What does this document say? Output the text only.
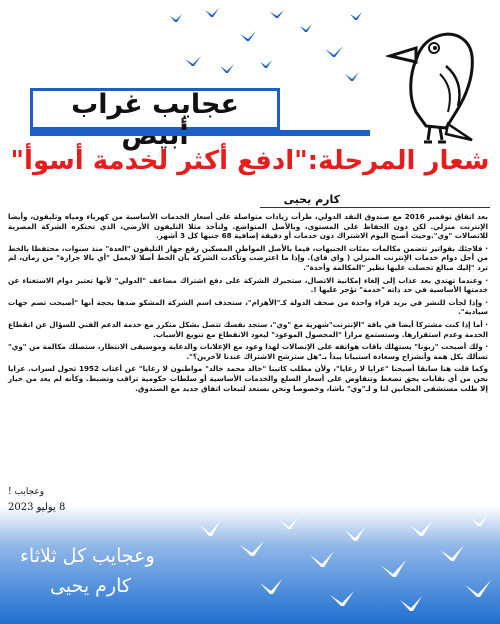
عجايب غراب
شعار المرحلة:"ادفع أكثر لخدمة أسوأ"
كارم يحيى

بعد اتفاق نوفمبر 2016 مع صندوق النقد الدولي، طرأت زيادات متواصلة على أسعار الخدمات الأساسية من كهرباء ومياه وتليفون، وأيضا الإنترنت منزلي. لكن دون الحفاظ على المستوى، وبالأصل المتواضع. ولنأخذ مثلا التليفون الأرضي، الذي تحتكره الشركة المصرية للاتصالات "وي".وحيث أصبح اليوم الاشتراك دون خدمات أو دقيقة إضافية 68 جنيها كل 3 أشهر.

· فلاجئك بفواتير تتضمن مكالمات بمئات الجنيهات، فيما بالأصل المواطن المسكين رفع جهاز التليفون "العدة" منذ سنوات، محتفظا بالخط من أجل دوام خدمات الإنترنت المنزلي ( واي فاي). وإذا ما اعترضت وتأكدت الشركة بأن الخط أصلا لايعمل "أي بالا حرارة" من زمان، لم ترد "إليك مبالغ تحصلت عليها نظير "المكالمة وأحدة".

· وعندما تهتدي بعد عذاب إلى إلغاء إمكانية الاتصال، ستجبرك الشركة على دفع اشتراك مضاعف "الدولي" لأنها تعتبر دوام الاستغناء عن خدمتها الأساسية في حد ذاته "خدمة" تؤجر عليها !.

· وإذا لجأت للنشر في بريد قراء واحدة من صحف الدولة كـ"الأهرام"، ستحذف اسم الشركة المشكو ضدها بحجة أنها "أصبحت تضم جهات سيادية".

· أما إذا كنت مشتركا أيضا في باقة "الإنترنت"شهرية مع "وي"، ستجد نفسك تتصل بشكل متكرر مع خدمة الدعم الفني للسؤال عن انقطاع الخدمة وعدم استقرارها. وستستمع مرارا "المحصول الموعود" ليعود الانقطاع مع تنويع الأسباب.

· ولك أصبحت "زبونا" يستهلك باقات هواتفه على الإتصالات لهذا وعود مع الإعلانات والدعاية وموسيقى الانتظار، ستصلك مكالمة من "وي" تسألك بكل همة وأنشراح وسعادة استبيانا يبدأ بـ"هل سترشح الاشتراك عندنا لآخرين؟".

وكما قلت هنا سابقا أصبحنا "عرايا لا رعايا"، ولأن مطلب كاتبنا "خالد محمد خالد" مواطنون لا رعايا" عن أعتاب 1952 تحول لسراب. عرايا نحن من أي نقابات يحق تضغط وتتفاوض على أسعار السلع والخدمات الأساسية أو سلطات حكومية تراقب وتضبط. وكأنه لم يعد من خيار إلا طلب مستشفى المجانين لنا و لـ"وي" باشا، وخصوصا ونحن نستعد لتبعات اتفاق جديد مع الصندوق.

وعجايب !
8 يوليو 2023
وعجايب كل ثلاثاء
كارم يحيى
